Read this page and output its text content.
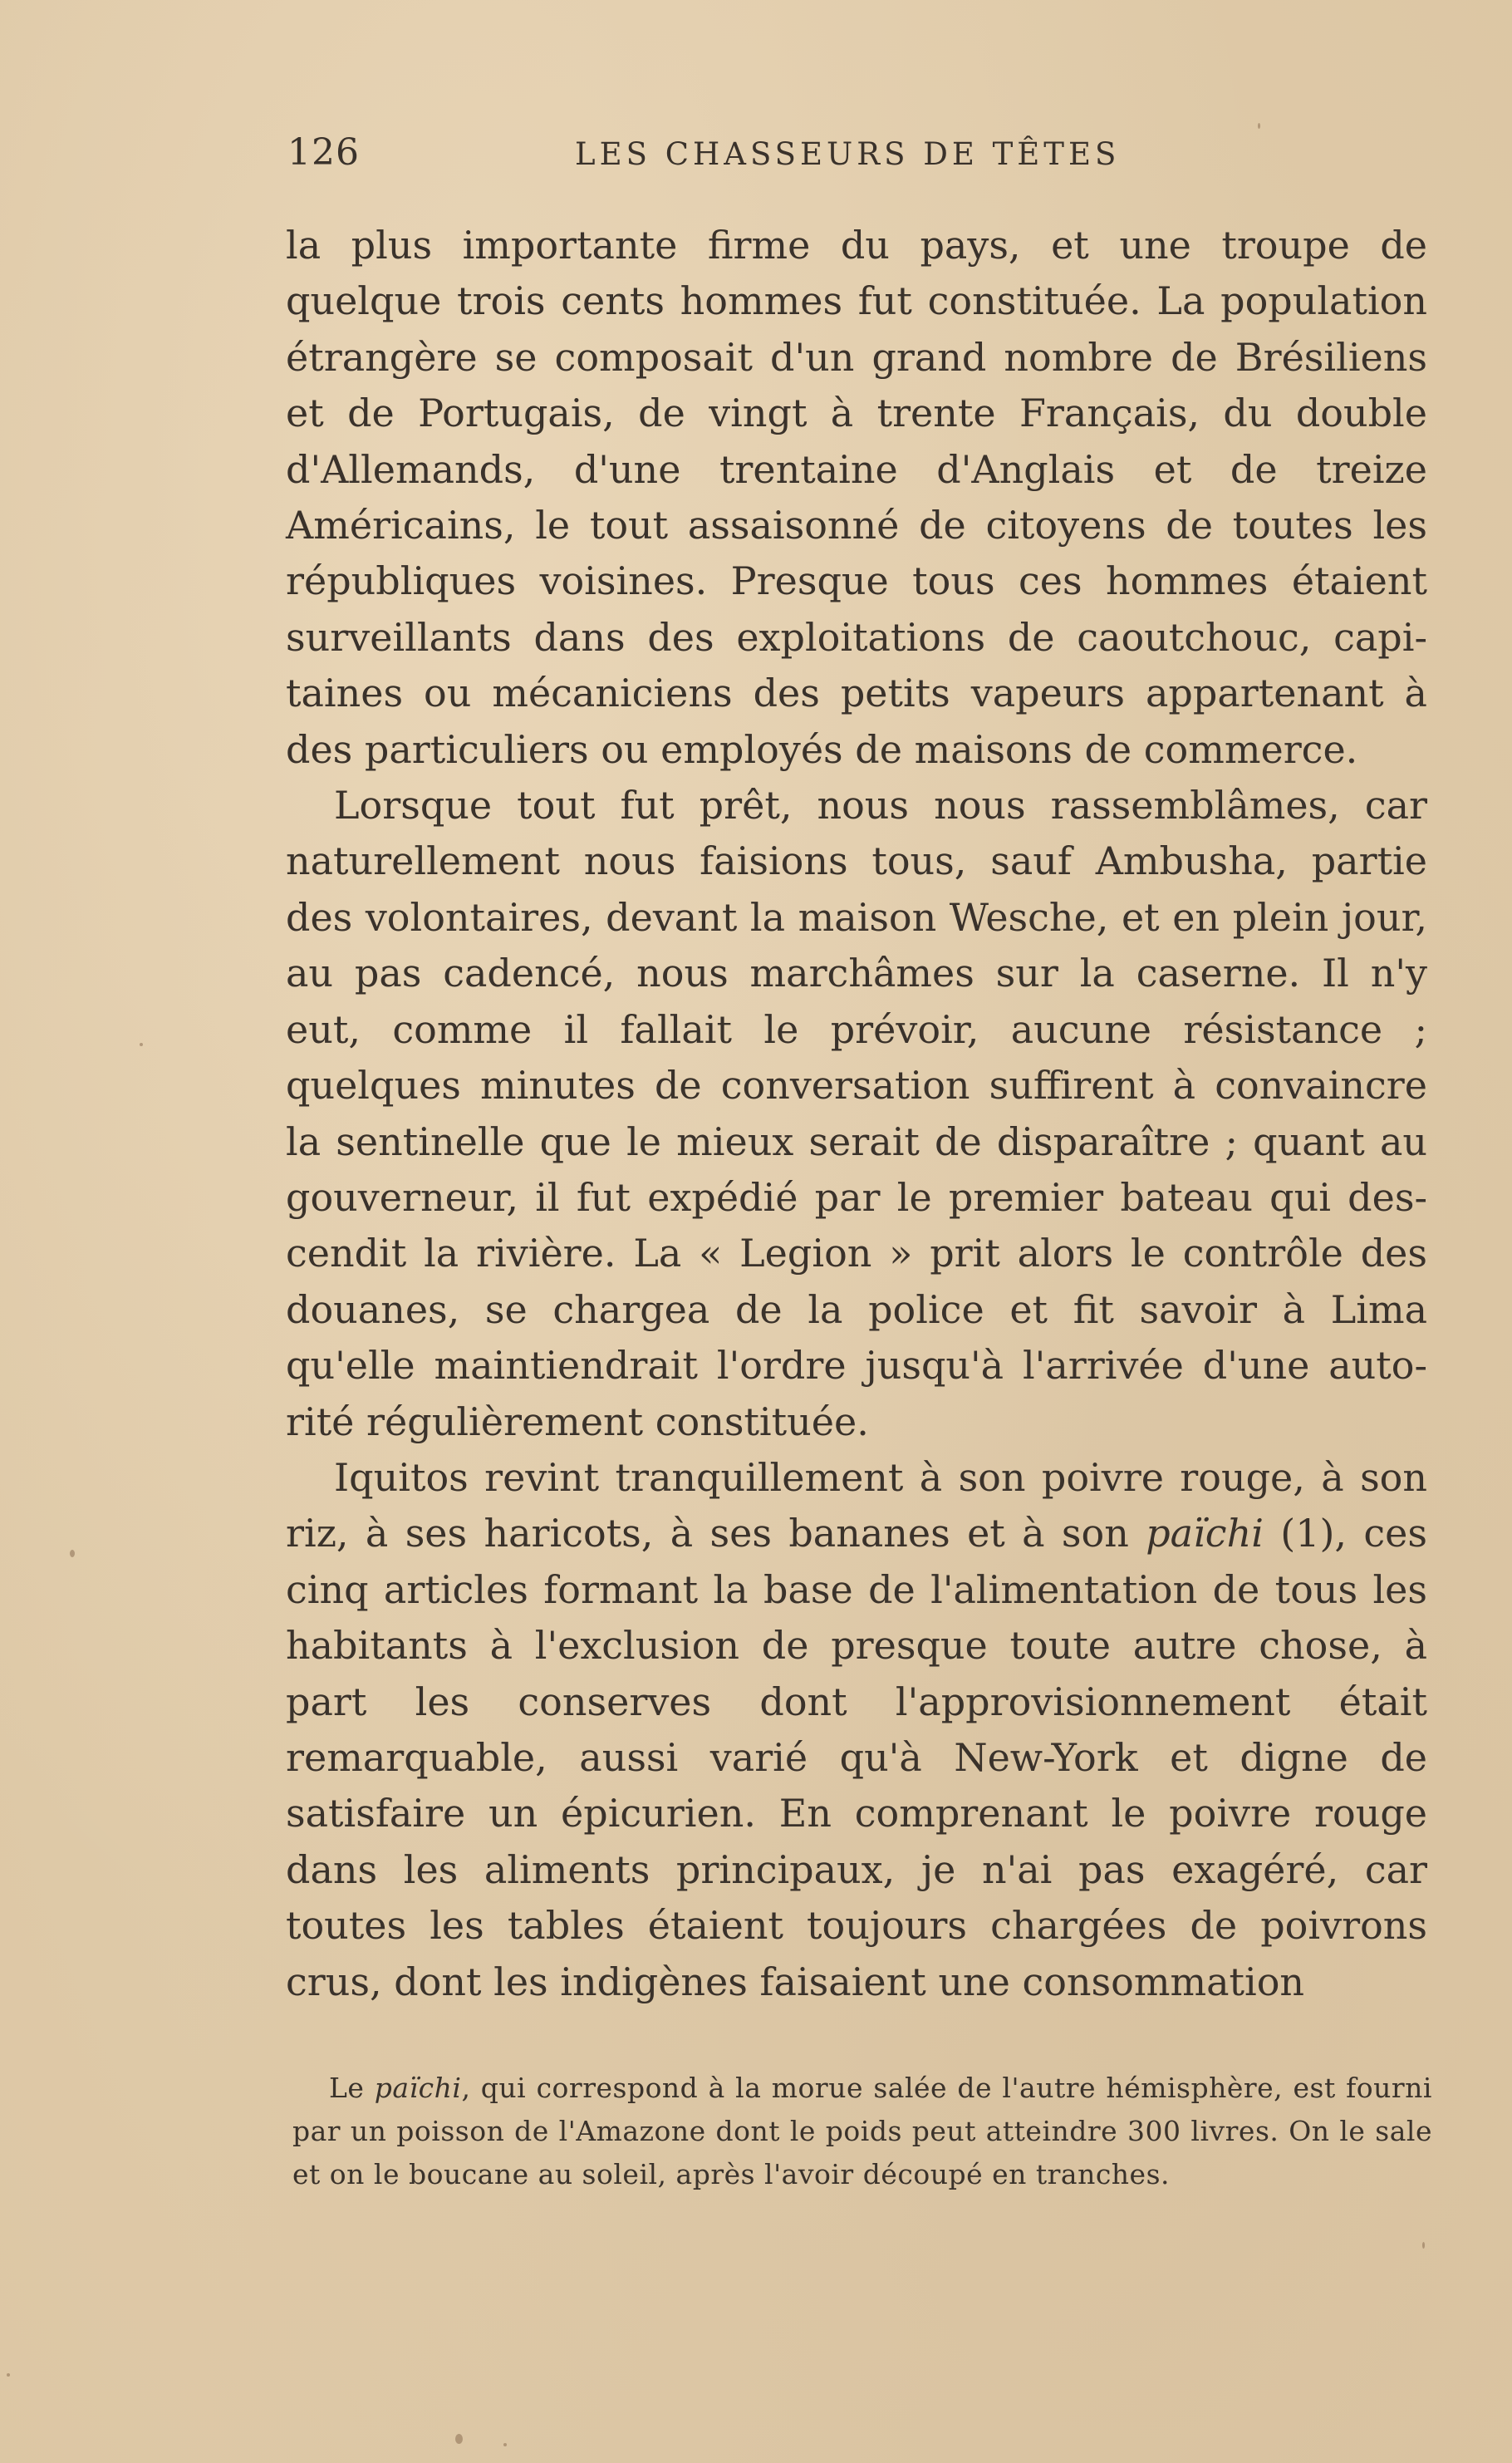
126	LES CHASSEURS DE TÊTES

la plus importante firme du pays, et une troupe de quelque trois cents hommes fut constituée. La population étrangère se composait d'un grand nombre de Brésiliens et de Portugais, de vingt à trente Français, du double d'Allemands, d'une trentaine d'Anglais et de treize Américains, le tout assaisonné de citoyens de toutes les républiques voisines. Presque tous ces hommes étaient surveillants dans des exploitations de caoutchouc, capitaines ou mécaniciens des petits vapeurs appartenant à des particuliers ou employés de maisons de commerce.

Lorsque tout fut prêt, nous nous rassemblâmes, car naturellement nous faisions tous, sauf Ambusha, partie des volontaires, devant la maison Wesche, et en plein jour, au pas cadencé, nous marchâmes sur la caserne. Il n'y eut, comme il fallait le prévoir, aucune résistance ; quelques minutes de conversation suffirent à convaincre la sentinelle que le mieux serait de disparaître ; quant au gouverneur, il fut expédié par le premier bateau qui descendit la rivière. La « Legion » prit alors le contrôle des douanes, se chargea de la police et fit savoir à Lima qu'elle maintiendrait l'ordre jusqu'à l'arrivée d'une autorité régulièrement constituée.

Iquitos revint tranquillement à son poivre rouge, à son riz, à ses haricots, à ses bananes et à son païchi (1), ces cinq articles formant la base de l'alimentation de tous les habitants à l'exclusion de presque toute autre chose, à part les conserves dont l'approvisionnement était remarquable, aussi varié qu'à New-York et digne de satisfaire un épicurien. En comprenant le poivre rouge dans les aliments principaux, je n'ai pas exagéré, car toutes les tables étaient toujours chargées de poivrons crus, dont les indigènes faisaient une consommation

Le païchi, qui correspond à la morue salée de l'autre hémisphère, est fourni par un poisson de l'Amazone dont le poids peut atteindre 300 livres. On le sale et on le boucane au soleil, après l'avoir découpé en tranches.
